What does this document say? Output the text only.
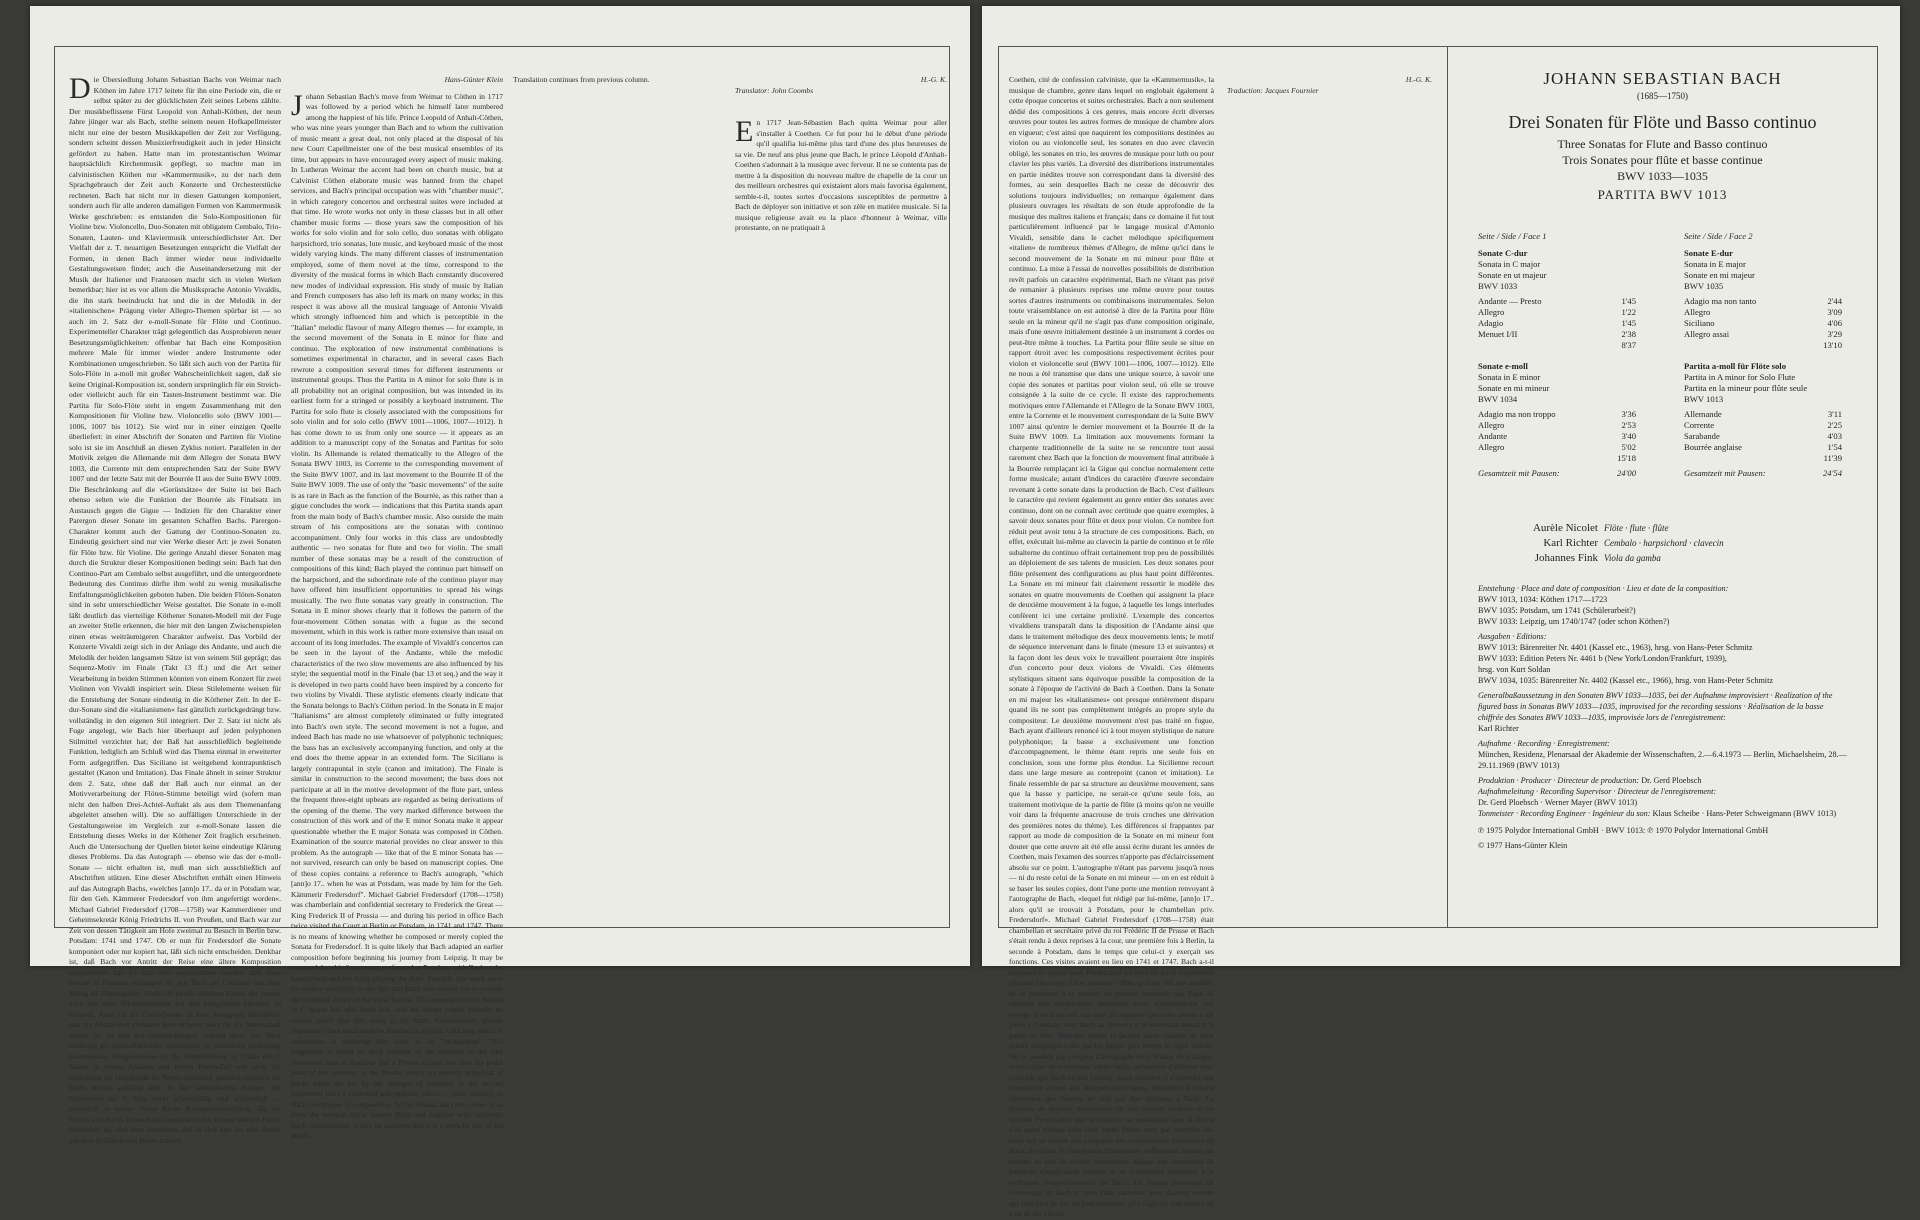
Die Übersiedlung Johann Sebastian Bachs von Weimar nach Köthen im Jahre 1717 leitete für ihn eine Periode ein, die er selbst später zu der glücklichsten Zeit seines Lebens zählte. Der musikbeflissene Fürst Leopold von Anhalt-Köthen, der neun Jahre jünger war als Bach, stellte seinem neuen Hofkapellmeister nicht nur eine der besten Musikkapellen der Zeit zur Verfügung, sondern scheint dessen Musizierfreudigkeit auch in jeder Hinsicht gefördert zu haben. Hatte man im protestantischen Weimar hauptsächlich Kirchenmusik gepflegt, so machte man im calvinistischen Köthen nur »Kammermusik«, zu der nach dem Sprachgebrauch der Zeit auch Konzerte und Orchesterstücke rechneten. Bach hat nicht nur in diesen Gattungen komponiert, sondern auch für alle anderen damaligen Formen von Kammermusik Werke geschrieben: es entstanden die Solo-Kompositionen für Violine bzw. Violoncello, Duo-Sonaten mit obligatem Cembalo, Trio-Sonaten, Lauten- und Klaviermusik unterschiedlichster Art. Der Vielfalt der z. T. neuartigen Besetzungen entspricht die Vielfalt der Formen, in denen Bach immer wieder neue individuelle Gestaltungsweisen findet; auch die Auseinandersetzung mit der Musik der Italiener und Franzosen macht sich in vielen Werken bemerkbar; hier ist es vor allem die Musiksprache Antonio Vivaldis, die ihn stark beeindruckt hat und die in der Melodik in der »italienischen« Prägung vieler Allegro-Themen spürbar ist — so auch im 2. Satz der e-moll-Sonate für Flöte und Continuo. Experimenteller Charakter trägt gelegentlich das Ausprobieren neuer Besetzungsmöglichkeiten: offenbar hat Bach eine Komposition mehrere Male für immer wieder andere Instrumente oder Kombinationen umgeschrieben. So läßt sich auch von der Partita für Solo-Flöte in a-moll mit großer Wahrscheinlichkeit sagen, daß sie keine Original-Komposition ist, sondern ursprünglich für ein Streich- oder vielleicht auch für ein Tasten-Instrument bestimmt war. Die Partita für Solo-Flöte steht in engem Zusammenhang mit den Kompositionen für Violine bzw. Violoncello solo (BWV 1001—1006, 1007 bis 1012). Sie wird nur in einer einzigen Quelle überliefert: in einer Abschrift der Sonaten und Partiten für Violine solo ist sie im Anschluß an diesen Zyklus notiert. Parallelen in der Motivik zeigen die Allemande mit dem Allegro der Sonata BWV 1003, die Corrente mit dem entsprechenden Satz der Suite BWV 1007 und der letzte Satz mit der Bourrée II aus der Suite BWV 1009. Die Beschränkung auf die »Gerüstsätze« der Suite ist bei Bach ebenso selten wie die Funktion der Bourrée als Finalsatz im Austausch gegen die Gigue — Indizien für den Charakter einer Parergon dieser Sonate im gesamten Schaffen Bachs. Parergon-Charakter kommt auch der Gattung der Continuo-Sonaten zu. Eindeutig gesichert sind nur vier Werke dieser Art: je zwei Sonaten für Flöte bzw. für Violine. Die geringe Anzahl dieser Sonaten mag durch die Struktur dieser Kompositionen bedingt sein: Bach hat den Continuo-Part am Cembalo selbst ausgeführt, und die untergeordnete Bedeutung des Continuo dürfte ihm wohl zu wenig musikalische Entfaltungsmöglichkeiten geboten haben. Die beiden Flöten-Sonaten sind in sehr unterschiedlicher Weise gestaltet. Die Sonate in e-moll läßt deutlich das vierteilige Köthener Sonaten-Modell mit der Fuge an zweiter Stelle erkennen, die hier mit den langen Zwischenspielen einen etwas weiträumigeren Charakter aufweist. Das Vorbild der Konzerte Vivaldi zeigt sich in der Anlage des Andante, und auch die Melodik der beiden langsamen Sätze ist von seinem Stil geprägt; das Sequenz-Motiv im Finale (Takt 13 ff.) und die Art seiner Verarbeitung in beiden Stimmen könnten von einem Konzert für zwei Violinen von Vivaldi inspiriert sein. Diese Stilelemente weisen für die Entstehung der Sonate eindeutig in die Köthener Zeit. In der E-dur-Sonate sind die »italianismen« fast gänzlich zurückgedrängt bzw. vollständig in den eigenen Stil integriert. Der 2. Satz ist nicht als Fuge angelegt, wie Bach hier überhaupt auf jeden polyphonen Stilmittel verzichtet hat; der Baß hat ausschließlich begleitende Funktion, lediglich am Schluß wird das Thema einmal in erweiterter Form aufgegriffen. Das Siciliano ist weitgehend kontrapunktisch gestaltet (Kanon und Imitation). Das Finale ähnelt in seiner Struktur dem 2. Satz, ohne daß der Baß auch nur einmal an der Motivverarbeitung der Flöten-Stimme beteiligt wird (sofern man nicht den halben Drei-Achtel-Auftakt als aus dem Themenanfang abgeleitet ansehen will). Die so auffälligen Unterschiede in der Gestaltungsweise im Vergleich zur e-moll-Sonate lassen die Entstehung dieses Werks in der Köthener Zeit fraglich erscheinen. Auch die Untersuchung der Quellen bietet keine eindeutige Klärung dieses Problems. Da das Autograph — ebenso wie das der e-moll-Sonate — nicht erhalten ist, muß man sich ausschließlich auf Abschriften stützen. Eine dieser Abschriften enthält einen Hinweis auf das Autograph Bachs, »welches [ann]o 17.. da er in Potsdam war, für den Geh. Kämmerer Fredersdorf von ihm angefertigt worden«. Michael Gabriel Fredersdorf (1708—1758) war Kammerdiener und Geheimsekretär König Friedrichs II. von Preußen, und Bach war zur Zeit von dessen Tätigkeit am Hofe zweimal zu Besuch in Berlin bzw. Potsdam: 1741 und 1747. Ob er nun für Fredersdorf die Sonate komponiert oder nur kopiert hat, läßt sich nicht entscheiden. Denkbar ist, daß Bach vor Antritt der Reise eine ältere Komposition umgearbeitet hat. Es darf aber angenommen werden, daß diese Sonate in Potsdam erklungen ist: mit Bach am Cembalo und dem König als Flötenspieler. Vielleicht ist die »leichte« Faktur der Sonate auch mit einer Rücksichtnahme auf den königlichen Flötisten zu erklären. Auch für die C-dur-Sonate ist kein Autograph überliefert, und die Abschriften enthalten kein sicheres Indiz für die Autorschaft Bachs. So ist den Stil-Untersuchungen, anhand derer das Werk eindeutig als »nicht-Bachisch« einzustufen ist, erhebliche Bedeutung beizumessen: Beispielsweise ist die Stimmführung im Finale der 2. Satzes in einem Andante und einem Presto-Teil wie auch die Gestaltung als Orgelpunkt im Presto-Abschnitt gänzlich unüblich für Bach; ebenso auffällig sind die fast tableauhaften Anlagen der Harmonien im 3. Satz wirkt schwerfällig und schülerhaft — entspricht in keiner Weise Bachs Kompositionstechnik. Da die Sonate aus Bachs Umwelt und zusammen mit echten Werken Bachs überliefert ist, darf man annehmen, daß es sich hier um eine Arbeit aus dem Schülerkreise Bachs handelt.

Hans-Günter Klein

Johann Sebastian Bach's move from Weimar to Cöthen in 1717 was followed by a period which he himself later numbered among the happiest of his life. Prince Leopold of Anhalt-Cöthen, who was nine years younger than Bach and to whom the cultivation of music meant a great deal, not only placed at the disposal of his new Court Capellmeister one of the best musical ensembles of its time, but appears to have encouraged every aspect of music making. In Lutheran Weimar the accent had been on church music, but at Calvinist Cöthen elaborate music was banned from the chapel services, and Bach's principal occupation was with "chamber music", in which category concertos and orchestral suites were included at that time. He wrote works not only in these classes but in all other chamber music forms — those years saw the composition of his works for solo violin and for solo cello, duo sonatas with obligato harpsichord, trio sonatas, lute music, and keyboard music of the most widely varying kinds. The many different classes of instrumentation employed, some of them novel at the time, correspond to the diversity of the musical forms in which Bach constantly discovered new modes of individual expression. His study of music by Italian and French composers has also left its mark on many works; in this respect it was above all the musical language of Antonio Vivaldi which strongly influenced him and which is perceptible in the "Italian" melodic flavour of many Allegro themes — for example, in the second movement of the Sonata in E minor for flute and continuo. The exploration of new instrumental combinations is sometimes experimental in character, and in several cases Bach rewrote a composition several times for different instruments or instrumental groups. Thus the Partita in A minor for solo flute is in all probability not an original composition, but was intended in its earliest form for a stringed or possibly a keyboard instrument. The Partita for solo flute is closely associated with the compositions for solo violin and for solo cello (BWV 1001—1006, 1007—1012). It has come down to us from only one source — it appears as an addition to a manuscript copy of the Sonatas and Partitas for solo violin. Its Allemande is related thematically to the Allegro of the Sonata BWV 1003, its Corrente to the corresponding movement of the Suite BWV 1007, and its last movement to the Bourrée II of the Suite BWV 1009. The use of only the "basic movements" of the suite is as rare in Bach as the function of the Bourrée, as this rather than a gigue concludes the work — indications that this Partita stands apart from the main body of Bach's chamber music. Also outside the main stream of his compositions are the sonatas with continuo accompaniment. Only four works in this class are undoubtedly authentic — two sonatas for flute and two for violin. The small number of these sonatas may be a result of the construction of compositions of this kind; Bach played the continuo part himself on the harpsichord, and the subordinate role of the continuo player may have offered him insufficient opportunities to spread his wings musically. The two flute sonatas vary greatly in construction. The Sonata in E minor shows clearly that it follows the pattern of the four-movement Cöthen sonatas with a fugue as the second movement, which in this work is rather more extensive than usual on account of its long interludes. The example of Vivaldi's concertos can be seen in the layout of the Andante, while the melodic characteristics of the two slow movements are also influenced by his style; the sequential motif in the Finale (bar 13 et seq.) and the way it is developed in two parts could have been inspired by a concerto for two violins by Vivaldi. These stylistic elements clearly indicate that the Sonata belongs to Bach's Cöthen period. In the Sonata in E major "Italianisms" are almost completely eliminated or fully integrated into Bach's own style. The second movement is not a fugue, and indeed Bach has made no use whatsoever of polyphonic techniques; the bass has an exclusively accompanying function, and only at the end does the theme appear in an extended form. The Siciliano is largely contrapuntal in style (canon and imitation). The Finale is similar in construction to the second movement; the bass does not participate at all in the motive development of the flute part, unless the frequent three-eight upbeats are regarded as being derivations of the opening of the theme. The very marked difference between the construction of this work and of the E minor Sonata make it appear questionable whether the E major Sonata was composed in Cöthen. Examination of the source material provides no clear answer to this problem. As the autograph — like that of the E minor Sonata has — not survived, research can only be based on manuscript copies. One of these copies contains a reference to Bach's autograph, "which [ann]o 17.. when he was at Potsdam, was made by him for the Geh. Kämmerir Fredersdorf". Michael Gabriel Fredersdorf (1708—1758) was chamberlain and confidential secretary to Frederick the Great — King Frederick II of Prussia — and during his period in office Bach twice visited the Court at Berlin or Potsdam, in 1741 and 1747. There is no means of knowing whether he composed or merely copied the Sonata for Fredersdorf. It is quite likely that Bach adapted an earlier composition before beginning his journey from Leipzig. It may be assumed that this Sonata was performed at Potsdam, with Bach at the harpsichord and the King playing the flute. Possibly this work owes its relative simplicity to the fact that Bach was careful not to overtax the technical ability of the royal flautist. The autograph of the Sonata in C major has also been lost, and the extant copies provide no certain proof that this work is by Bach. Consequently greater importance than usual must be attached to stylistic criticism, which is unanimous in declaring this work to be "un-Bachian". This judgement is based on such features as the division of the first movement into an Andante and a Presto section, and also the pedal point of the continuo in the Presto, which are entirely untypical of Bach, while the bar by bar changes of harmony in the second movement have a contrived and pedantic effect — quite contrary to Bach's technique of composition. As this Sonata has come down to us from the musical circle around Bach and together with authentic Bach compositions, it may be assumed that it is a work by one of his pupils.

Translation continues from previous column.	H.-G. K.

Translator: John Coombs

En 1717 Jean-Sébastien Bach quitta Weimar pour aller s'installer à Coethen. Ce fut pour lui le début d'une période qu'il qualifia lui-même plus tard d'une des plus heureuses de sa vie. De neuf ans plus jeune que Bach, le prince Léopold d'Anhalt-Coethen s'adonnait à la musique avec ferveur. Il ne se contenta pas de mettre à la disposition du nouveau maître de chapelle de la cour un des meilleurs orchestres qui existaient alors mais favorisa également, semble-t-il, toutes sortes d'occasions susceptibles de permettre à Bach de déployer son initiative et son zèle en matière musicale. Si la musique religieuse avait eu la place d'honneur à Weimar, ville protestante, on ne pratiquait à

Coethen, cité de confession calviniste, que la «Kammermusik», la musique de chambre, genre dans lequel on englobait également à cette époque concertos et suites orchestrales. Bach a non seulement dédié des compositions à ces genres, mais encore écrit diverses œuvres pour toutes les autres formes de musique de chambre alors en vigueur; c'est ainsi que naquirent les compositions destinées au violon ou au violoncelle seul, les sonates en duo avec clavecin obligé, les sonates en trio, les œuvres de musique pour luth ou pour clavier les plus variés. La diversité des distributions instrumentales en partie inédites trouve son correspondant dans la diversité des formes, au sein desquelles Bach ne cesse de découvrir des solutions toujours individuelles; on remarque également dans plusieurs ouvrages les résultats de son étude approfondie de la musique des maîtres italiens et français; dans ce domaine il fut tout particulièrement influencé par le langage musical d'Antonio Vivaldi, sensible dans le cachet mélodique spécifiquement «italien» de nombreux thèmes d'Allegro, de même qu'ici dans le second mouvement de la Sonate en mi mineur pour flûte et continuo. La mise à l'essai de nouvelles possibilités de distribution revêt parfois un caractère expérimental, Bach ne s'étant pas privé de remanier à plusieurs reprises une même œuvre pour toutes sortes d'autres instruments ou combinaisons instrumentales. Selon toute vraisemblance on est autorisé à dire de la Partita pour flûte seule en la mineur qu'il ne s'agit pas d'une composition originale, mais d'une œuvre initialement destinée à un instrument à cordes ou peut-être même à touches. La Partita pour flûte seule se situe en rapport étroit avec les compositions respectivement écrites pour violon et violoncelle seul (BWV 1001—1006, 1007—1012). Elle ne nous a été transmise que dans une unique source, à savoir une copie des sonates et partitas pour violon seul, où elle se trouve consignée à la suite de ce cycle. Il existe des rapprochements motiviques entre l'Allemande et l'Allegro de la Sonate BWV 1003, entre la Corrente et le mouvement correspondant de la Suite BWV 1007 ainsi qu'entre le dernier mouvement et la Bourrée II de la Suite BWV 1009. La limitation aux mouvements formant la charpente traditionnelle de la suite ne se rencontre tout aussi rarement chez Bach que la fonction de mouvement final attribuée à la Bourrée remplaçant ici la Gigue qui conclue normalement cette forme musicale; autant d'indices du caractère d'œuvre secondaire revenant à cette sonate dans la production de Bach. C'est d'ailleurs le caractère qui revient également au genre entier des sonates avec continuo, dont on ne connaît avec certitude que quatre exemples, à savoir deux sonates pour flûte et deux pour violon. Ce nombre fort réduit peut avoir tenu à la structure de ces compositions. Bach, en effet, exécutait lui-même au clavecin la partie de continuo et le rôle subalterne du continuo offrait certainement trop peu de possibilités au déploiement de ses talents de musicien. Les deux sonates pour flûte présentent des configurations au plus haut point différentes. La Sonate en mi mineur fait clairement ressortir le modèle des sonates en quatre mouvements de Coethen qui assignent la place de deuxième mouvement à la fugue, à laquelle les longs interludes confèrent ici une certaine prolixité. L'exemple des concertos vivaldiens transparaît dans la disposition de l'Andante ainsi que dans le traitement mélodique des deux mouvements lents; le motif de séquence intervenant dans le finale (mesure 13 et suivantes) et la façon dont les deux voix le travaillent pourraient être inspirés d'un concerto pour deux violons de Vivaldi. Ces éléments stylistiques situent sans équivoque possible la composition de la sonate à l'époque de l'activité de Bach à Coethen. Dans la Sonate en mi majeur les «italianismes» ont presque entièrement disparu quand ils ne sont pas complètement intégrés au propre style du compositeur. Le deuxième mouvement n'est pas traité en fugue, Bach ayant d'ailleurs renoncé ici à tout moyen stylistique de nature polyphonique; la basse a exclusivement une fonction d'accompagnement, le thème étant repris une seule fois en conclusion, sous une forme plus étendue. La Sicilienne recourt dans une large mesure au contrepoint (canon et imitation). Le finale ressemble de par sa structure au deuxième mouvement, sans que la basse y participe, ne serait-ce qu'une seule fois, au traitement motivique de la partie de flûte (à moins qu'on ne veuille voir dans la fréquente anacrouse de trois croches une dérivation des premières notes du thème). Les différences si frappantes par rapport au mode de composition de la Sonate en mi mineur font douter que cette œuvre ait été elle aussi écrite durant les années de Coethen, mais l'examen des sources n'apporte pas d'éclaircissement absolu sur ce point. L'autographe n'étant pas parvenu jusqu'à nous — ni du reste celui de la Sonate en mi mineur — on en est réduit à se baser les seules copies, dont l'une porte une mention renvoyant à l'autographe de Bach, «lequel fut rédigé par lui-même, [ann]o 17.. alors qu'il se trouvait à Potsdam, pour le chambellan priv. Fredersdorf». Michael Gabriel Fredersdorf (1708—1758) était chambellan et secrétaire privé du roi Frédéric II de Prusse et Bach s'était rendu à deux reprises à la cour, une première fois à Berlin, la seconde à Potsdam, dans le temps que celui-ci y exerçait ses fonctions. Ces visites avaient eu lieu en 1741 et 1747. Bach a-t-il composé la sonate pour Fredersdorf ou bien en a-t-il simplement effectué une copie à son intention? Bien qu'il ne soit pas possible de se prononcer à ce propos, on pourrait concevoir que Bach ait remanié une composition antérieure avant d'entreprendre son voyage et on a en tout cas sujet de supposer que cette sonate a été jouée à Potsdam, avec Bach au clavecin et le souverain assurant la partie de flûte. Peut-être même la facture assez «facile» de cette sonate s'explique-t-elle par les égards pris envers le royal flûtiste. On ne possède pas non plus d'autographe de la Sonate en ut majeur et les copies ne renferment aucun indice permettant d'affirmer avec certitude que Bach en soit l'auteur. Aussi convient-il d'accorder une importance accrue aux analyses stylistiques, desquelles il résulte clairement que l'œuvre ne doit pas être attribuée à Bach. La division du premier mouvement en une section Andante et un épisode Presto ainsi que le continuo se présentant sous la forme d'un point d'orgue dans cette partie Presto sont, par exemple, des traits qui se situent aux antipodes des compositions habituelles de Bach; de même le changement d'harmonies s'effectuant mesure par mesure au sein du second mouvement dégage une impression de lourdeur, d'application scolaire et ne correspond nullement à la technique compositionnelle de Bach. La Sonate provenant de l'entourage de Bach et nous étant parvenue avec d'autres œuvres qui sont bien de lui, on peut présumer qu'il s'agit ici d'un travail dû à un de ses élèves.

H.-G. K.

Traduction: Jacques Fournier

JOHANN SEBASTIAN BACH
(1685—1750)
Drei Sonaten für Flöte und Basso continuo
Three Sonatas for Flute and Basso continuo
Trois Sonates pour flûte et basse continue
BWV 1033—1035
PARTITA BWV 1013
Seite / Side / Face 1
Sonate C-dur
Sonata in C major
Sonate en ut majeur
BWV 1033
Andante — Presto	1'45
Allegro	1'22
Adagio	1'45
Menuet I/II	2'38
8'37
Sonate e-moll
Sonata in E minor
Sonate en mi mineur
BWV 1034
Adagio ma non troppo	3'36
Allegro	2'53
Andante	3'40
Allegro	5'02
15'18
Gesamtzeit mit Pausen:	24'00
Seite / Side / Face 2
Sonate E-dur
Sonata in E major
Sonate en mi majeur
BWV 1035
Adagio ma non tanto	2'44
Allegro	3'09
Siciliano	4'06
Allegro assai	3'29
13'10
Partita a-moll für Flöte solo
Partita in A minor for Solo Flute
Partita en la mineur pour flûte seule
BWV 1013
Allemande	3'11
Corrente	2'25
Sarabande	4'03
Bourrée anglaise	1'54
11'39
Gesamtzeit mit Pausen:	24'54
Aurèle Nicolet Flöte · flute · flûte
Karl Richter Cembalo · harpsichord · clavecin
Johannes Fink Viola da gamba
Entstehung · Place and date of composition · Lieu et date de la composition:
BWV 1013, 1034: Köthen 1717—1723
BWV 1035: Potsdam, um 1741 (Schülerarbeit?)
BWV 1033: Leipzig, um 1740/1747 (oder schon Köthen?)
Ausgaben · Editions:
BWV 1013: Bärenreiter Nr. 4401 (Kassel etc., 1963), hrsg. von Hans-Peter Schmitz
BWV 1033: Edition Peters Nr. 4461 b (New York/London/Frankfurt, 1939),
hrsg. von Kurt Soldan
BWV 1034, 1035: Bärenreiter Nr. 4402 (Kassel etc., 1966), hrsg. von Hans-Peter Schmitz
Generalbaßaussetzung in den Sonaten BWV 1033—1035, bei der Aufnahme improvisiert · Realization of the figured bass in Sonatas BWV 1033—1035, improvised for the recording sessions · Réalisation de la basse chiffrée des Sonates BWV 1033—1035, improvisée lors de l'enregistrement:
Karl Richter
Aufnahme · Recording · Enregistrement:
München, Residenz, Plenarsaal der Akademie der Wissenschaften, 2.—6.4.1973 — Berlin, Michaelsheim, 28.—29.11.1969 (BWV 1013)
Produktion · Producer · Directeur de production: Dr. Gerd Ploebsch
Aufnahmeleitung · Recording Supervisor · Directeur de l'enregistrement:
Dr. Gerd Ploebsch · Werner Mayer (BWV 1013)
Tonmeister · Recording Engineer · Ingénieur du son: Klaus Scheibe · Hans-Peter Schweigmann (BWV 1013)
℗ 1975 Polydor International GmbH · BWV 1013: ℗ 1970 Polydor International GmbH
© 1977 Hans-Günter Klein
